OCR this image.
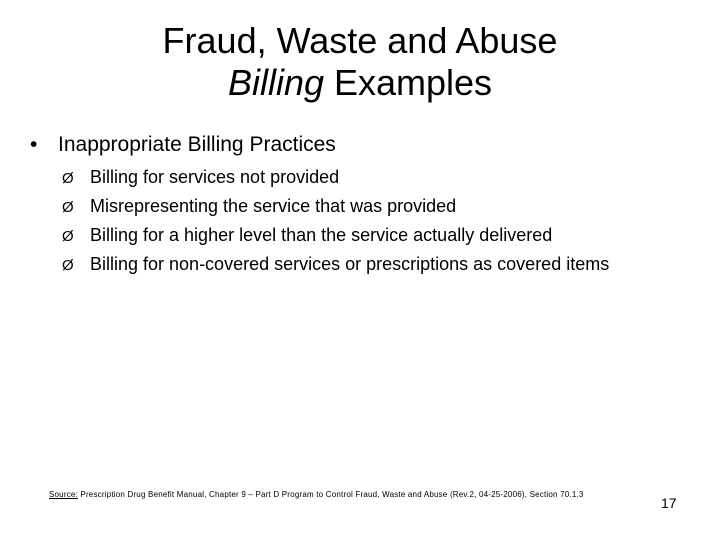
Fraud, Waste and Abuse
Billing Examples
• Inappropriate Billing Practices
Ø Billing for services not provided
Ø Misrepresenting the service that was provided
Ø Billing for a higher level than the service actually delivered
Ø Billing for non-covered services or prescriptions as covered items
Source: Prescription Drug Benefit Manual, Chapter 9 – Part D Program to Control Fraud, Waste and Abuse (Rev.2, 04-25-2006), Section 70.1.3
17
